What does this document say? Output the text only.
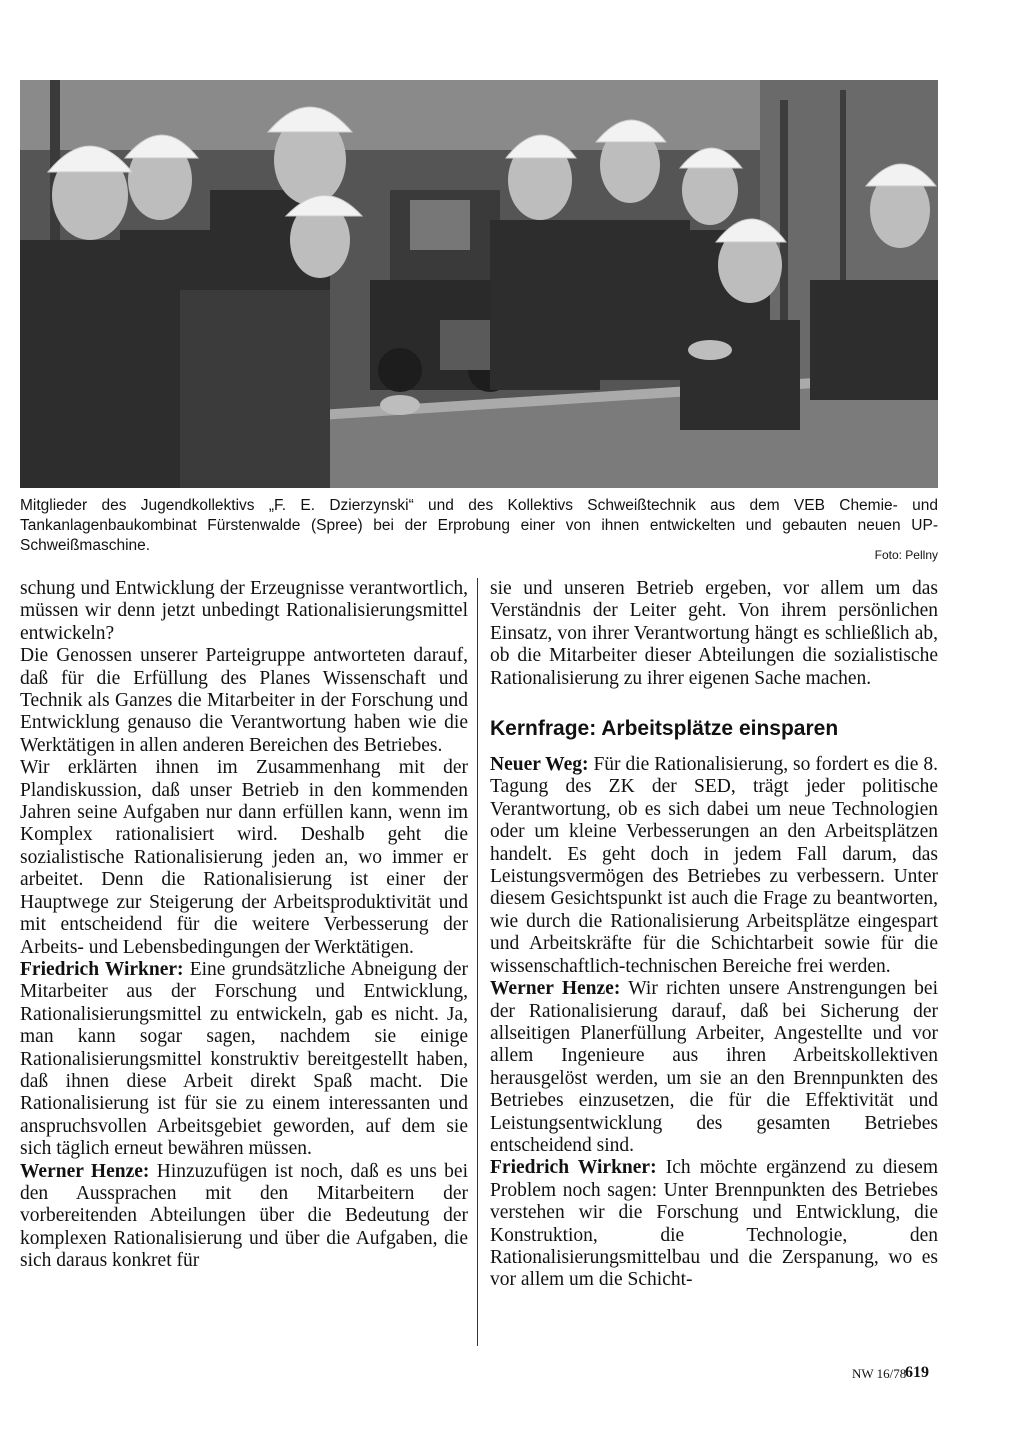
Mitglieder des Jugendkollektivs „F. E. Dzierzynski“ und des Kollektivs Schweißtechnik aus dem VEB Chemie- und Tankanlagenbaukombinat Fürstenwalde (Spree) bei der Erprobung einer von ihnen entwickelten und gebauten neuen UP-Schweißmaschine.

Foto: Pellny

schung und Entwicklung der Erzeugnisse verantwortlich, müssen wir denn jetzt unbedingt Rationalisierungsmittel entwickeln?

Die Genossen unserer Parteigruppe antworteten darauf, daß für die Erfüllung des Planes Wissenschaft und Technik als Ganzes die Mitarbeiter in der Forschung und Entwicklung genauso die Verantwortung haben wie die Werktätigen in allen anderen Bereichen des Betriebes.

Wir erklärten ihnen im Zusammenhang mit der Plandiskussion, daß unser Betrieb in den kommenden Jahren seine Aufgaben nur dann erfüllen kann, wenn im Komplex rationalisiert wird. Deshalb geht die sozialistische Rationalisierung jeden an, wo immer er arbeitet. Denn die Rationalisierung ist einer der Hauptwege zur Steigerung der Arbeitsproduktivität und mit entscheidend für die weitere Verbesserung der Arbeits- und Lebensbedingungen der Werktätigen.

Friedrich Wirkner: Eine grundsätzliche Abneigung der Mitarbeiter aus der Forschung und Entwicklung, Rationalisierungsmittel zu entwickeln, gab es nicht. Ja, man kann sogar sagen, nachdem sie einige Rationalisierungsmittel konstruktiv bereitgestellt haben, daß ihnen diese Arbeit direkt Spaß macht. Die Rationalisierung ist für sie zu einem interessanten und anspruchsvollen Arbeitsgebiet geworden, auf dem sie sich täglich erneut bewähren müssen.

Werner Henze: Hinzuzufügen ist noch, daß es uns bei den Aussprachen mit den Mitarbeitern der vorbereitenden Abteilungen über die Bedeutung der komplexen Rationalisierung und über die Aufgaben, die sich daraus konkret für

sie und unseren Betrieb ergeben, vor allem um das Verständnis der Leiter geht. Von ihrem persönlichen Einsatz, von ihrer Verantwortung hängt es schließlich ab, ob die Mitarbeiter dieser Abteilungen die sozialistische Rationalisierung zu ihrer eigenen Sache machen.

Kernfrage: Arbeitsplätze einsparen

Neuer Weg: Für die Rationalisierung, so fordert es die 8. Tagung des ZK der SED, trägt jeder politische Verantwortung, ob es sich dabei um neue Technologien oder um kleine Verbesserungen an den Arbeitsplätzen handelt. Es geht doch in jedem Fall darum, das Leistungsvermögen des Betriebes zu verbessern. Unter diesem Gesichtspunkt ist auch die Frage zu beantworten, wie durch die Rationalisierung Arbeitsplätze eingespart und Arbeitskräfte für die Schichtarbeit sowie für die wissenschaftlich-technischen Bereiche frei werden.

Werner Henze: Wir richten unsere Anstrengungen bei der Rationalisierung darauf, daß bei Sicherung der allseitigen Planerfüllung Arbeiter, Angestellte und vor allem Ingenieure aus ihren Arbeitskollektiven herausgelöst werden, um sie an den Brennpunkten des Betriebes einzusetzen, die für die Effektivität und Leistungsentwicklung des gesamten Betriebes entscheidend sind.

Friedrich Wirkner: Ich möchte ergänzend zu diesem Problem noch sagen: Unter Brennpunkten des Betriebes verstehen wir die Forschung und Entwicklung, die Konstruktion, die Technologie, den Rationalisierungsmittelbau und die Zerspanung, wo es vor allem um die Schicht-

NW 16/78
619
